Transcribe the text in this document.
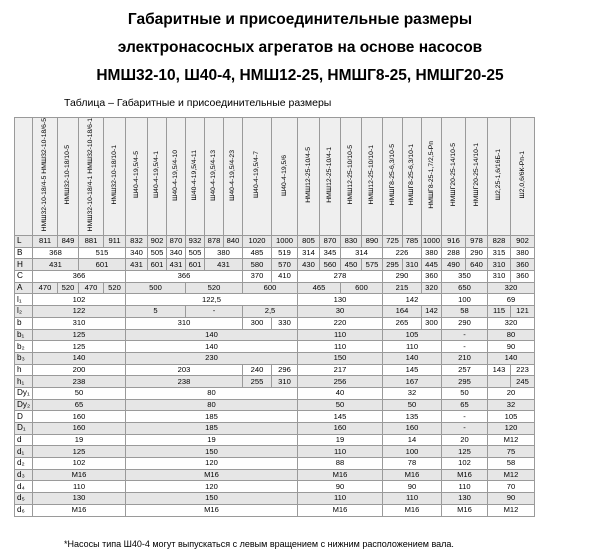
Габаритные и присоединительные размеры
электронасосных агрегатов на основе насосов
НМШ32-10, Ш40-4, НМШ12-25, НМШГ8-25, НМШГ20-25
Таблица – Габаритные и присоединительные размеры
	НМШ32-10-18/4-5 НМШ32-10-18/6-5	НМШ32-10-18/10-5	НМШ32-10-18/4-1 НМШ32-10-18/6-1	НМШ32-10-18/10-1	Ш40-4-19,5/4-5	Ш40-4-19,5/4-1	Ш40-4-19,5/4-10	Ш40-4-19,5/4-11	Ш40-4-19,5/4-13	Ш40-4-19,5/4-23	Ш40-4-19,5/4-7	Ш40-4-19,5/6	НМШ12-25-10/4-5	НМШ12-25-10/4-1	НМШ12-25-10/10-5	НМШ12-25-10/10-1	НМШГ8-25-6,3/10-5	НМШГ8-25-6,3/10-1	НМШГ8-25-1,7/2,5-Рп	НМШГ20-25-14/10-5	НМШГ20-25-14/10-1	Ш2,25-1,6/16Б-1	Ш2,0,6/6К-Рп-1
L	811	849	881	911	832	902	870	932	878	840	1020	1000	805	870	830	890	725	785	1000	916	978	828	902
B	368		515		340	505	340	505	380		485	519	314	345	314		226		380	288	290	315	380
H	431		601		431	601	431	601	431		580	570	430	560	450	575	295	310	445	490	640	310	360
C	366				366						370	410	278				290		360	350		310	360
A	470	520	470	520	500			520			600		465		600		215		320	650		320	
l₁	102				122,5								130				142			100		69	
l₂	122				5			-			2,5		30				164		142	58		115	121
b	310				310						300	330	220				265		300	290		320	
b₁	125				140								110				105			-		80	
b₂	125				140								110				110			-		90	
b₃	140				230								150				140			210		140	
h	200				203						240	296	217				145			257		143	223
h₁	238				238						255	310	256				167			295			245
Dy₁	50				80								40				32			50		20	
Dy₂	65				80								50				50			65		32	
D	160				185								145				135			-		105	
D₁	160				185								160				160			-		120	
d	19				19								19				14			20		M12	
d₁	125				150								110				100			125		75	
d₂	102				120								88				78			102		58	
d₃	M16				M16								M16				M16			M16		M12	
d₄	110				120								90				90			110		70	
d₅	130				150								110				110			130		90	
d₆	M16				M16								M16				M16			M16		M12	
*Насосы типа Ш40-4 могут выпускаться с левым вращением с нижним расположением вала.
